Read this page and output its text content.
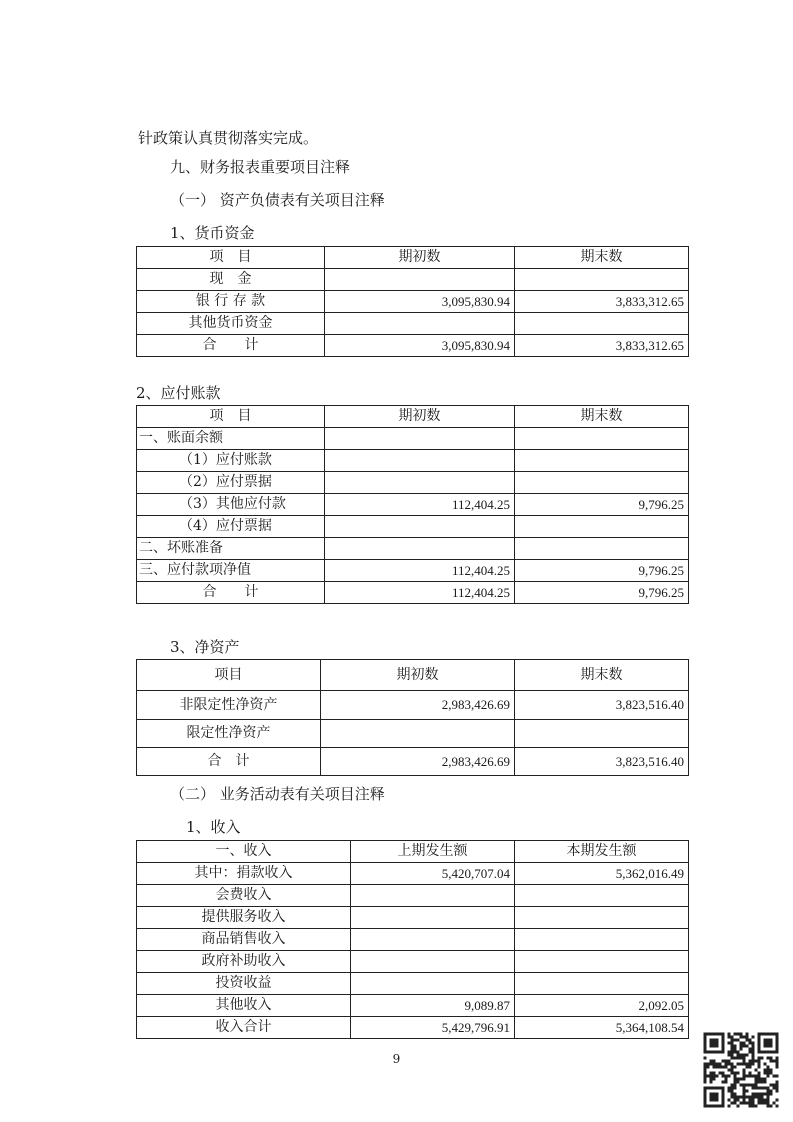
针政策认真贯彻落实完成。
九、财务报表重要项目注释
（一） 资产负债表有关项目注释
1、货币资金
项　目	期初数	期末数
现　金		
银 行 存 款	3,095,830.94	3,833,312.65
其他货币资金		
合　　计	3,095,830.94	3,833,312.65
2、应付账款
项　目	期初数	期末数
一、账面余额		
（1）应付账款		
（2）应付票据		
（3）其他应付款	112,404.25	9,796.25
（4）应付票据		
二、坏账准备		
三、应付款项净值	112,404.25	9,796.25
合　　计	112,404.25	9,796.25
3、净资产
项目	期初数	期末数
非限定性净资产	2,983,426.69	3,823,516.40
限定性净资产		
合　计	2,983,426.69	3,823,516.40
（二） 业务活动表有关项目注释
1、收入
一、收入	上期发生额	本期发生额
其中：捐款收入	5,420,707.04	5,362,016.49
会费收入		
提供服务收入		
商品销售收入		
政府补助收入		
投资收益		
其他收入	9,089.87	2,092.05
收入合计	5,429,796.91	5,364,108.54
9
